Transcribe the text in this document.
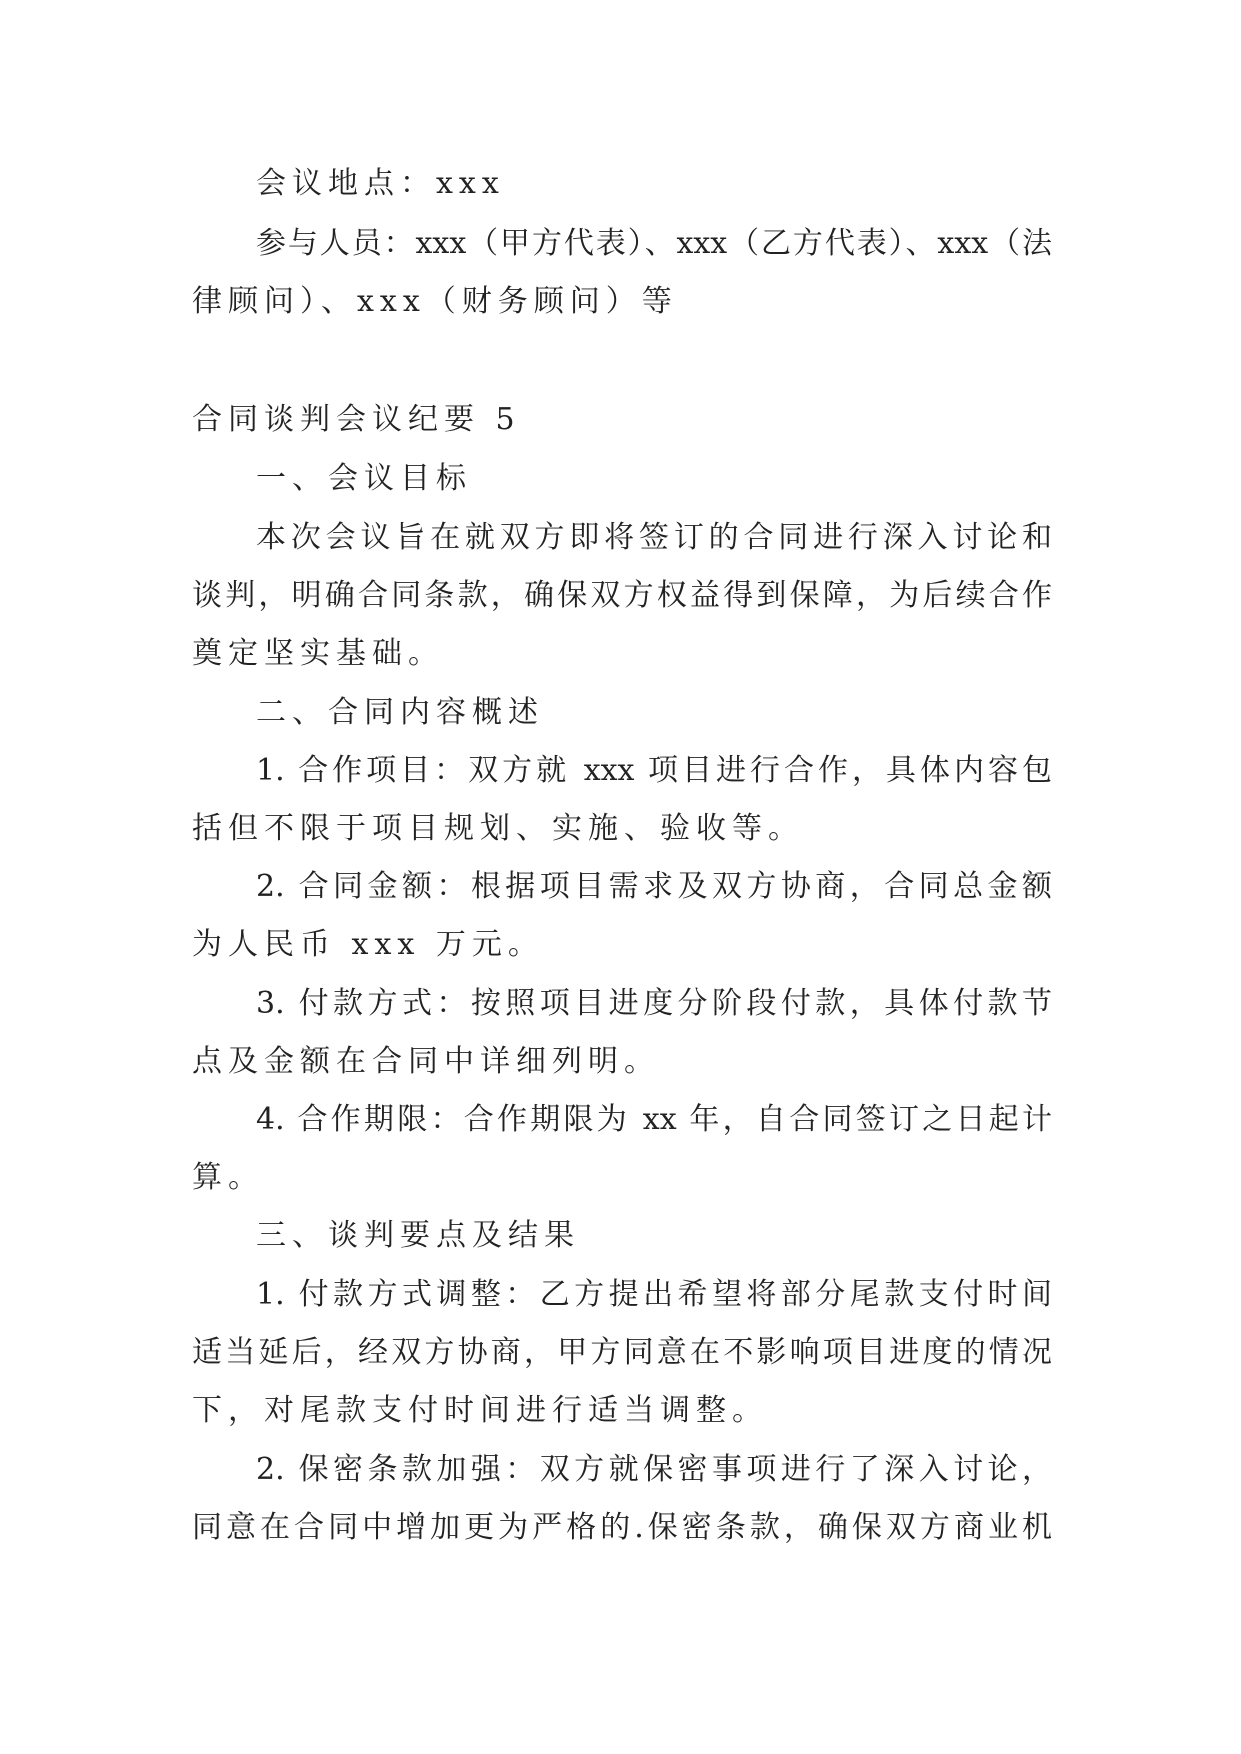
会议地点：xxx
参与人员：xxx（甲方代表）、xxx（乙方代表）、xxx（法
律顾问）、xxx（财务顾问）等
合同谈判会议纪要 5
一、会议目标
本次会议旨在就双方即将签订的合同进行深入讨论和
谈判，明确合同条款，确保双方权益得到保障，为后续合作
奠定坚实基础。
二、合同内容概述
1. 合作项目：双方就 xxx 项目进行合作，具体内容包
括但不限于项目规划、实施、验收等。
2. 合同金额：根据项目需求及双方协商，合同总金额
为人民币 xxx 万元。
3. 付款方式：按照项目进度分阶段付款，具体付款节
点及金额在合同中详细列明。
4. 合作期限：合作期限为 xx 年，自合同签订之日起计
算。
三、谈判要点及结果
1. 付款方式调整：乙方提出希望将部分尾款支付时间
适当延后，经双方协商，甲方同意在不影响项目进度的情况
下，对尾款支付时间进行适当调整。
2. 保密条款加强：双方就保密事项进行了深入讨论，
同意在合同中增加更为严格的.保密条款，确保双方商业机
